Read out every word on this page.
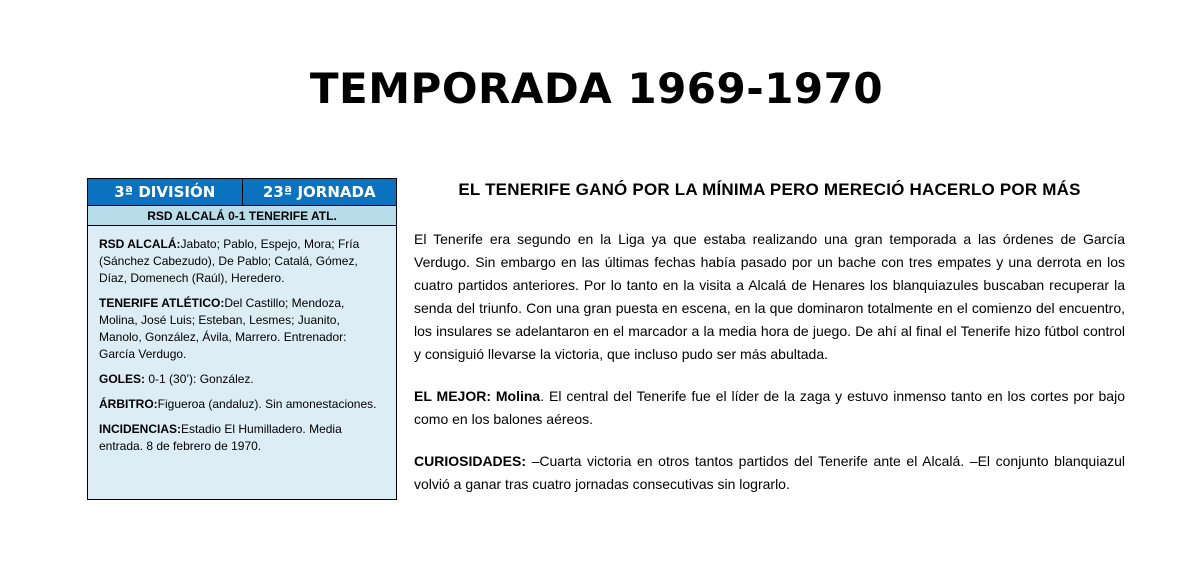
TEMPORADA 1969-1970
3ª DIVISIÓN	23ª JORNADA
RSD ALCALÁ 0-1 TENERIFE ATL.

RSD ALCALÁ:Jabato; Pablo, Espejo, Mora; Fría (Sánchez Cabezudo), De Pablo; Catalá, Gómez, Díaz, Domenech (Raúl), Heredero.

TENERIFE ATLÉTICO:Del Castillo; Mendoza, Molina, José Luis; Esteban, Lesmes; Juanito, Manolo, González, Ávila, Marrero. Entrenador: García Verdugo.

GOLES: 0-1 (30’): González.

ÁRBITRO:Figueroa (andaluz). Sin amonestaciones.

INCIDENCIAS:Estadio El Humilladero. Media entrada. 8 de febrero de 1970.

EL TENERIFE GANÓ POR LA MÍNIMA PERO MERECIÓ HACERLO POR MÁS

El Tenerife era segundo en la Liga ya que estaba realizando una gran temporada a las órdenes de García Verdugo. Sin embargo en las últimas fechas había pasado por un bache con tres empates y una derrota en los cuatro partidos anteriores. Por lo tanto en la visita a Alcalá de Henares los blanquiazules buscaban recuperar la senda del triunfo. Con una gran puesta en escena, en la que dominaron totalmente en el comienzo del encuentro, los insulares se adelantaron en el marcador a la media hora de juego. De ahí al final el Tenerife hizo fútbol control y consiguió llevarse la victoria, que incluso pudo ser más abultada.

EL MEJOR: Molina. El central del Tenerife fue el líder de la zaga y estuvo inmenso tanto en los cortes por bajo como en los balones aéreos.

CURIOSIDADES: –Cuarta victoria en otros tantos partidos del Tenerife ante el Alcalá. –El conjunto blanquiazul volvió a ganar tras cuatro jornadas consecutivas sin lograrlo.
